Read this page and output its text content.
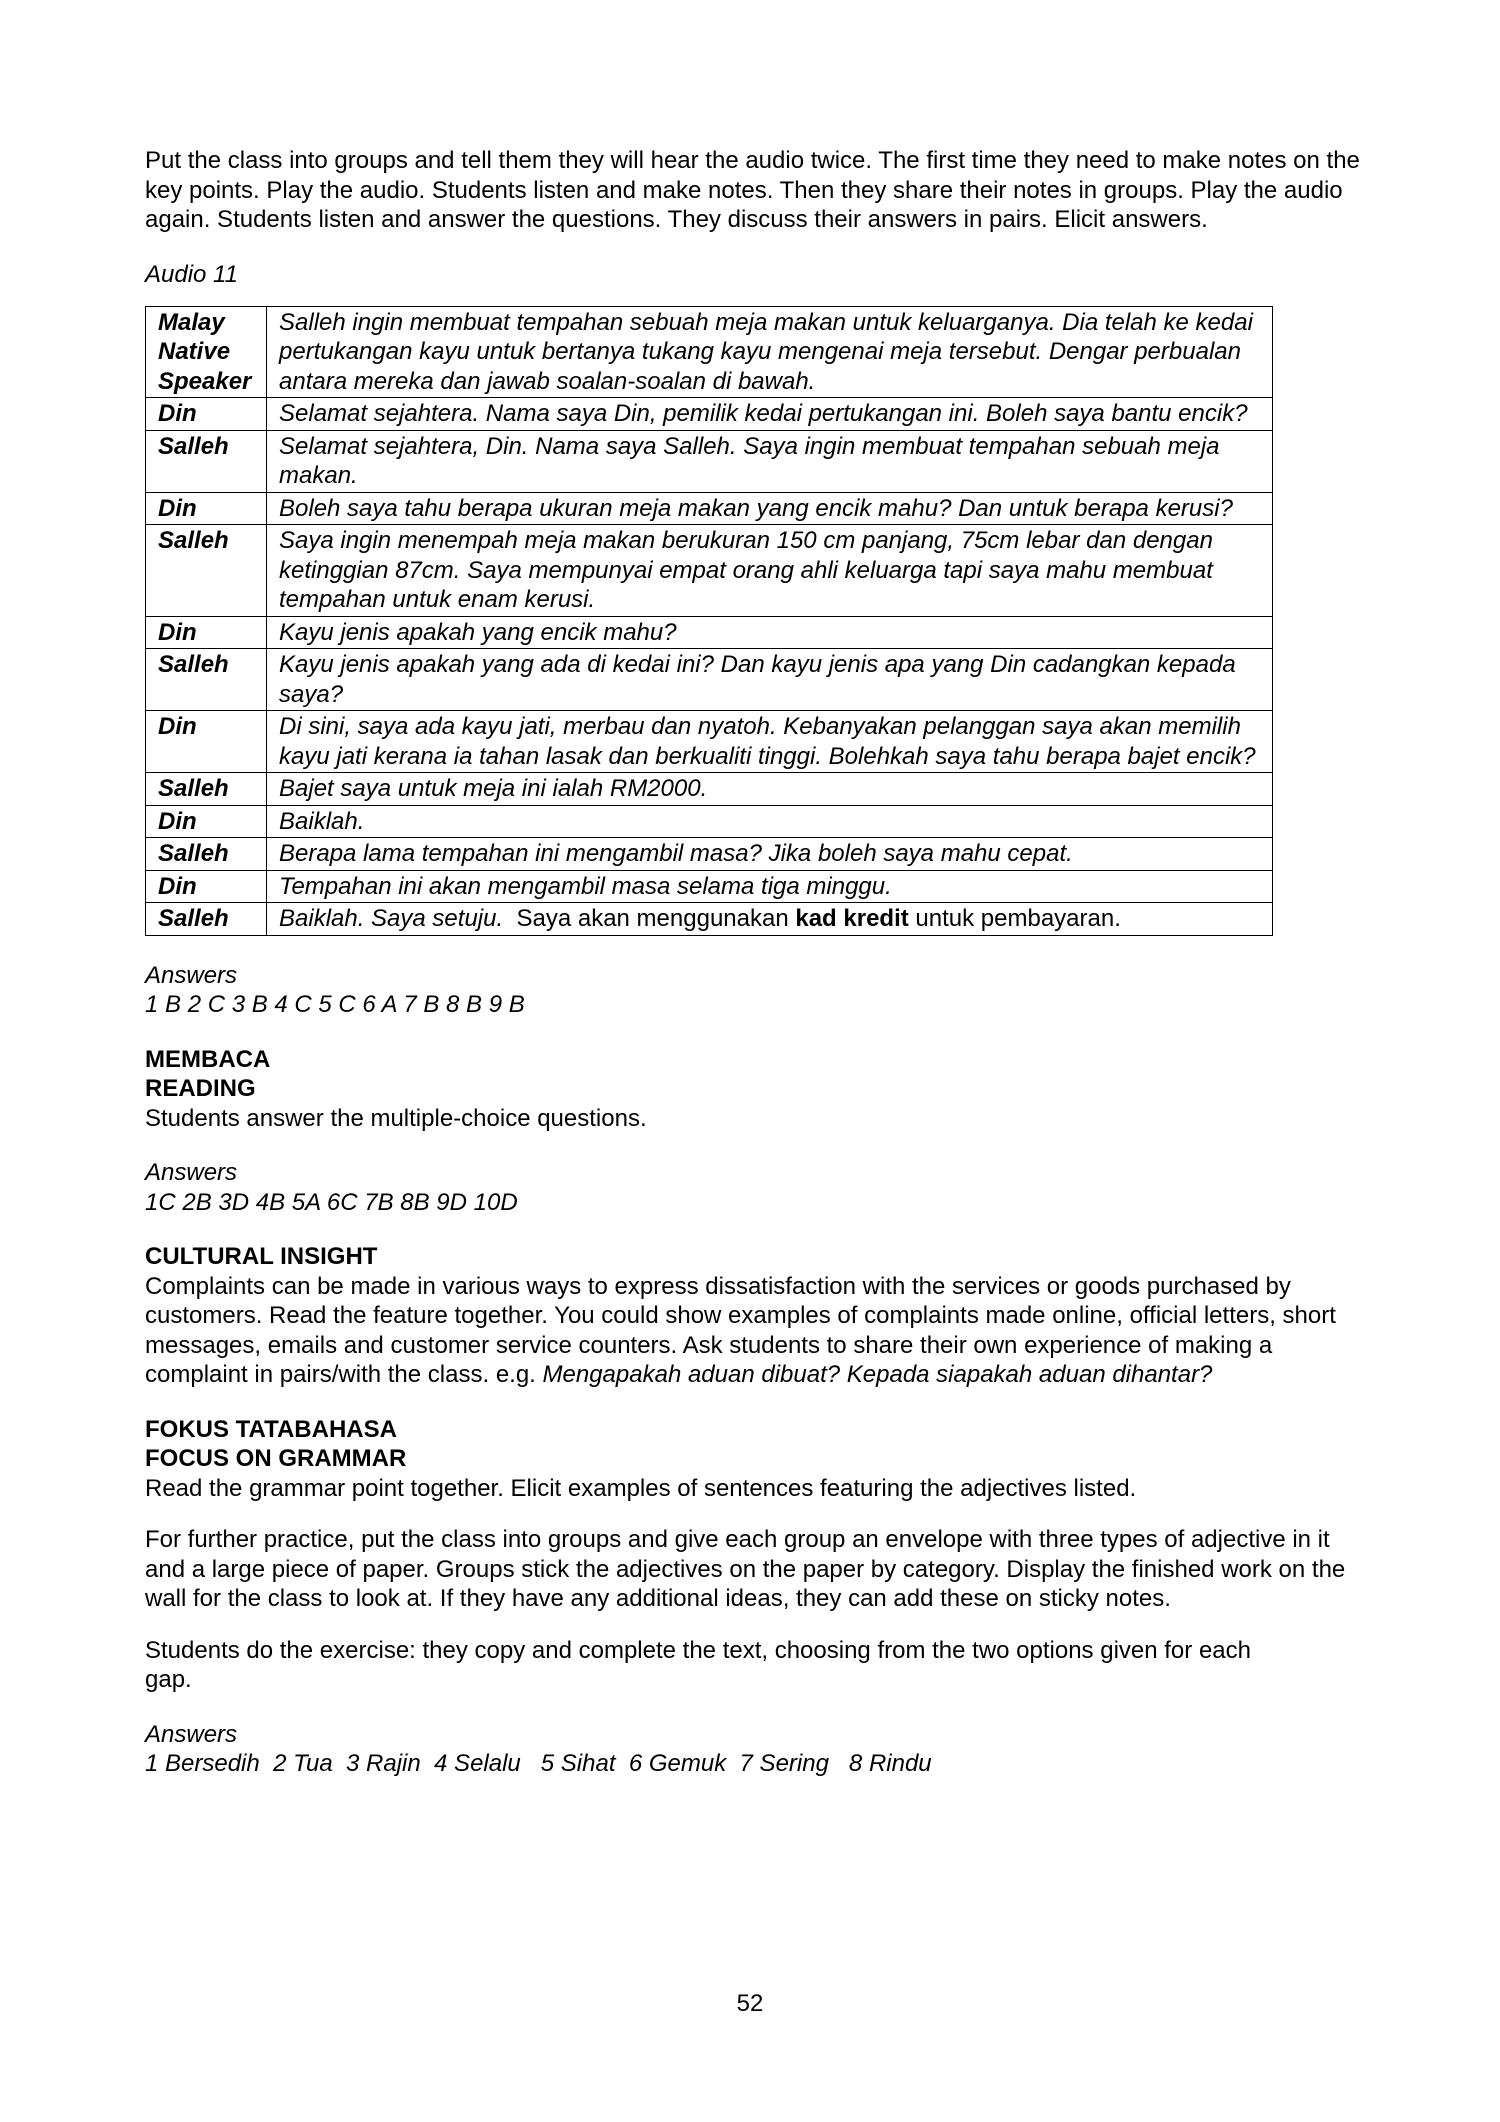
Put the class into groups and tell them they will hear the audio twice. The first time they need to make notes on the key points. Play the audio. Students listen and make notes. Then they share their notes in groups. Play the audio again. Students listen and answer the questions. They discuss their answers in pairs. Elicit answers.

Audio 11

Malay Native Speaker	Salleh ingin membuat tempahan sebuah meja makan untuk keluarganya. Dia telah ke kedai pertukangan kayu untuk bertanya tukang kayu mengenai meja tersebut. Dengar perbualan antara mereka dan jawab soalan-soalan di bawah.
Din	Selamat sejahtera. Nama saya Din, pemilik kedai pertukangan ini. Boleh saya bantu encik?
Salleh	Selamat sejahtera, Din. Nama saya Salleh. Saya ingin membuat tempahan sebuah meja makan.
Din	Boleh saya tahu berapa ukuran meja makan yang encik mahu? Dan untuk berapa kerusi?
Salleh	Saya ingin menempah meja makan berukuran 150 cm panjang, 75cm lebar dan dengan ketinggian 87cm. Saya mempunyai empat orang ahli keluarga tapi saya mahu membuat tempahan untuk enam kerusi.
Din	Kayu jenis apakah yang encik mahu?
Salleh	Kayu jenis apakah yang ada di kedai ini? Dan kayu jenis apa yang Din cadangkan kepada saya?
Din	Di sini, saya ada kayu jati, merbau dan nyatoh. Kebanyakan pelanggan saya akan memilih kayu jati kerana ia tahan lasak dan berkualiti tinggi. Bolehkah saya tahu berapa bajet encik?
Salleh	Bajet saya untuk meja ini ialah RM2000.
Din	Baiklah.
Salleh	Berapa lama tempahan ini mengambil masa? Jika boleh saya mahu cepat.
Din	Tempahan ini akan mengambil masa selama tiga minggu.
Salleh	Baiklah. Saya setuju.  Saya akan menggunakan kad kredit untuk pembayaran.

Answers

1 B 2 C 3 B 4 C 5 C 6 A 7 B 8 B 9 B

MEMBACA
READING

Students answer the multiple-choice questions.

Answers

1C 2B 3D 4B 5A 6C 7B 8B 9D 10D

CULTURAL INSIGHT

Complaints can be made in various ways to express dissatisfaction with the services or goods purchased by customers. Read the feature together. You could show examples of complaints made online, official letters, short messages, emails and customer service counters. Ask students to share their own experience of making a complaint in pairs/with the class. e.g. Mengapakah aduan dibuat? Kepada siapakah aduan dihantar?

FOKUS TATABAHASA
FOCUS ON GRAMMAR

Read the grammar point together. Elicit examples of sentences featuring the adjectives listed.

For further practice, put the class into groups and give each group an envelope with three types of adjective in it and a large piece of paper. Groups stick the adjectives on the paper by category. Display the finished work on the wall for the class to look at. If they have any additional ideas, they can add these on sticky notes.

Students do the exercise: they copy and complete the text, choosing from the two options given for each gap.

Answers

1 Bersedih  2 Tua  3 Rajin  4 Selalu   5 Sihat  6 Gemuk  7 Sering   8 Rindu

52
